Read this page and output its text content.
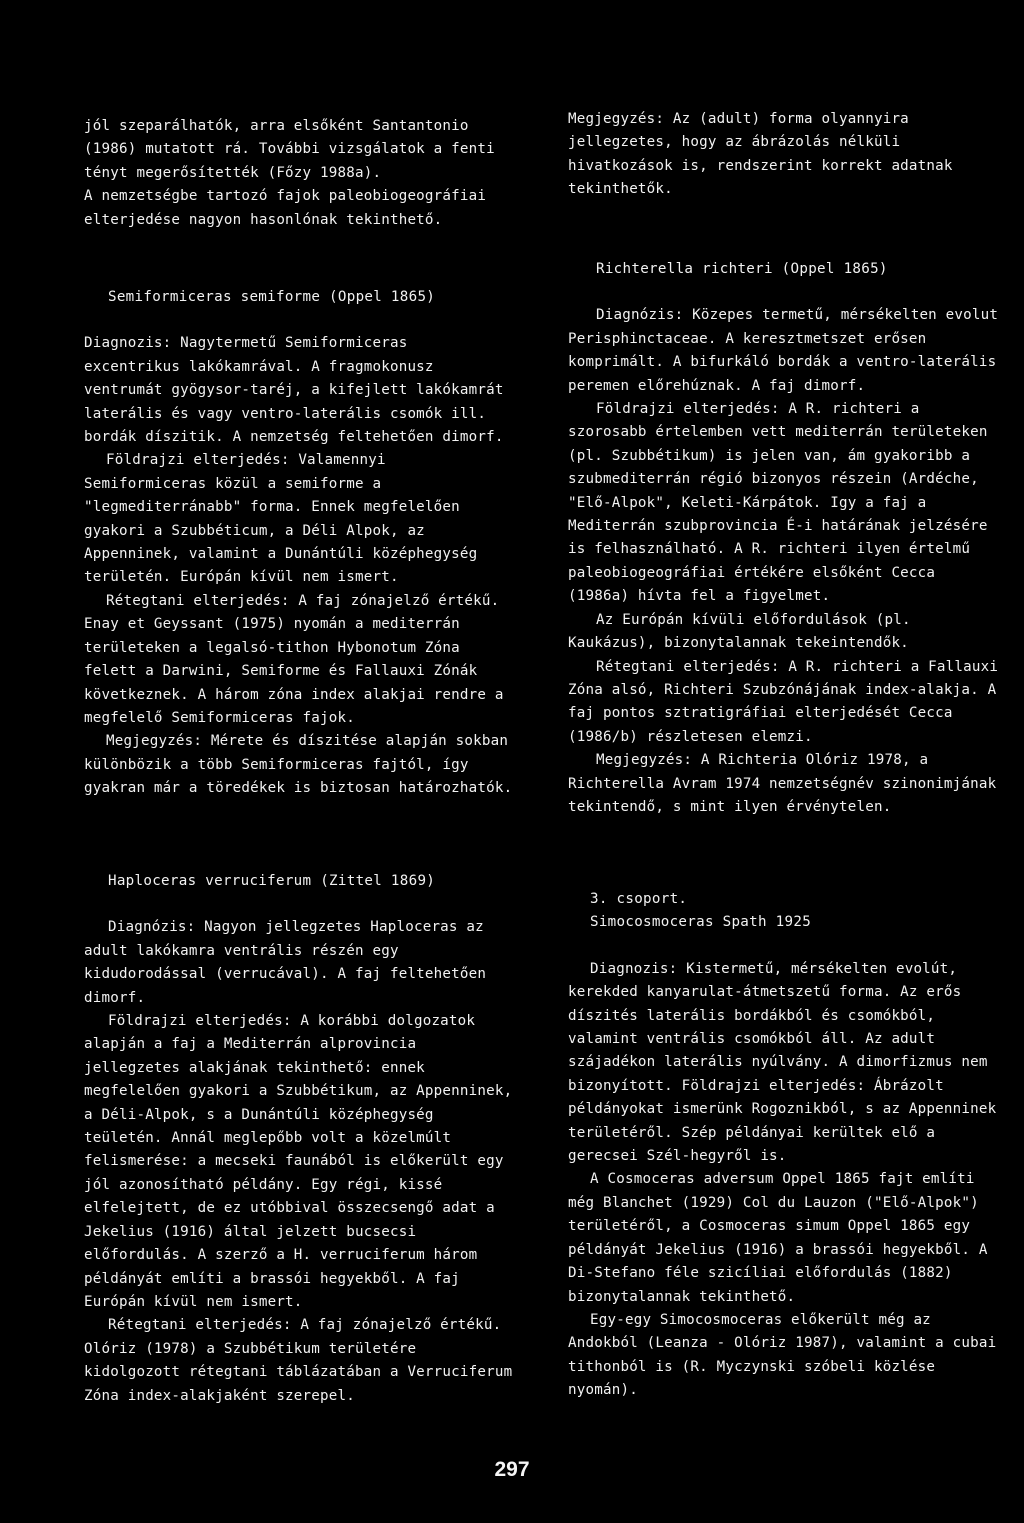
jól szeparálhatók, arra elsőként Santantonio

(1986) mutatott rá. További vizsgálatok a fenti

tényt megerősítették (Főzy 1988a).

A nemzetségbe tartozó fajok paleobiogeográfiai

elterjedése nagyon hasonlónak tekinthető.

Megjegyzés: Az (adult) forma olyannyira

jellegzetes, hogy az ábrázolás nélküli

hivatkozások is, rendszerint korrekt adatnak

tekinthetők.

Semiformiceras semiforme (Oppel 1865)

Diagnozis: Nagytermetű Semiformiceras

excentrikus lakókamrával. A fragmokonusz

ventrumát gyögysor-taréj, a kifejlett lakókamrát

laterális és vagy ventro-laterális csomók ill.

bordák díszitik. A nemzetség feltehetően dimorf.

Földrajzi elterjedés: Valamennyi

Semiformiceras közül a semiforme a

"legmediterránabb" forma. Ennek megfelelően

gyakori a Szubbéticum, a Déli Alpok, az

Appenninek, valamint a Dunántúli középhegység

területén. Európán kívül nem ismert.

Rétegtani elterjedés: A faj zónajelző értékű.

Enay et Geyssant (1975) nyomán a mediterrán

területeken a legalsó-tithon Hybonotum Zóna

felett a Darwini, Semiforme és Fallauxi Zónák

következnek. A három zóna index alakjai rendre a

megfelelő Semiformiceras fajok.

Megjegyzés: Mérete és díszitése alapján sokban

különbözik a több Semiformiceras fajtól, így

gyakran már a töredékek is biztosan határozhatók.

Richterella richteri (Oppel 1865)

Diagnózis: Közepes termetű, mérsékelten evolut

Perisphinctaceae. A keresztmetszet erősen

komprimált. A bifurkáló bordák a ventro-laterális

peremen előrehúznak. A faj dimorf.

Földrajzi elterjedés: A R. richteri a

szorosabb értelemben vett mediterrán területeken

(pl. Szubbétikum) is jelen van, ám gyakoribb a

szubmediterrán régió bizonyos részein (Ardéche,

"Elő-Alpok", Keleti-Kárpátok. Igy a faj a

Mediterrán szubprovincia É-i határának jelzésére

is felhasználható. A R. richteri ilyen értelmű

paleobiogeográfiai értékére elsőként Cecca

(1986a) hívta fel a figyelmet.

Az Európán kívüli előfordulások (pl.

Kaukázus), bizonytalannak tekeintendők.

Rétegtani elterjedés: A R. richteri a Fallauxi

Zóna alsó, Richteri Szubzónájának index-alakja. A

faj pontos sztratigráfiai elterjedését Cecca

(1986/b) részletesen elemzi.

Megjegyzés: A Richteria Olóriz 1978, a

Richterella Avram 1974 nemzetségnév szinonimjának

tekintendő, s mint ilyen érvénytelen.

Haploceras verruciferum (Zittel 1869)

Diagnózis: Nagyon jellegzetes Haploceras az

adult lakókamra ventrális részén egy

kidudorodással (verrucával). A faj feltehetően

dimorf.

Földrajzi elterjedés: A korábbi dolgozatok

alapján a faj a Mediterrán alprovincia

jellegzetes alakjának tekinthető: ennek

megfelelően gyakori a Szubbétikum, az Appenninek,

a Déli-Alpok, s a Dunántúli középhegység

teületén. Annál meglepőbb volt a közelmúlt

felismerése: a mecseki faunából is előkerült egy

jól azonosítható példány. Egy régi, kissé

elfelejtett, de ez utóbbival összecsengő adat a

Jekelius (1916) által jelzett bucsecsi

előfordulás. A szerző a H. verruciferum három

példányát említi a brassói hegyekből. A faj

Európán kívül nem ismert.

Rétegtani elterjedés: A faj zónajelző értékű.

Olóriz (1978) a Szubbétikum területére

kidolgozott rétegtani táblázatában a Verruciferum

Zóna index-alakjaként szerepel.

3. csoport.

Simocosmoceras Spath 1925

Diagnozis: Kistermetű, mérsékelten evolút,

kerekded kanyarulat-átmetszetű forma. Az erős

díszités laterális bordákból és csomókból,

valamint ventrális csomókból áll. Az adult

szájadékon laterális nyúlvány. A dimorfizmus nem

bizonyított. Földrajzi elterjedés: Ábrázolt

példányokat ismerünk Rogoznikból, s az Appenninek

területéről. Szép példányai kerültek elő a

gerecsei Szél-hegyről is.

A Cosmoceras adversum Oppel 1865 fajt említi

még Blanchet (1929) Col du Lauzon ("Elő-Alpok")

területéről, a Cosmoceras simum Oppel 1865 egy

példányát Jekelius (1916) a brassói hegyekből. A

Di-Stefano féle szicíliai előfordulás (1882)

bizonytalannak tekinthető.

Egy-egy Simocosmoceras előkerült még az

Andokból (Leanza - Olóriz 1987), valamint a cubai

tithonból is (R. Myczynski szóbeli közlése

nyomán).

297
